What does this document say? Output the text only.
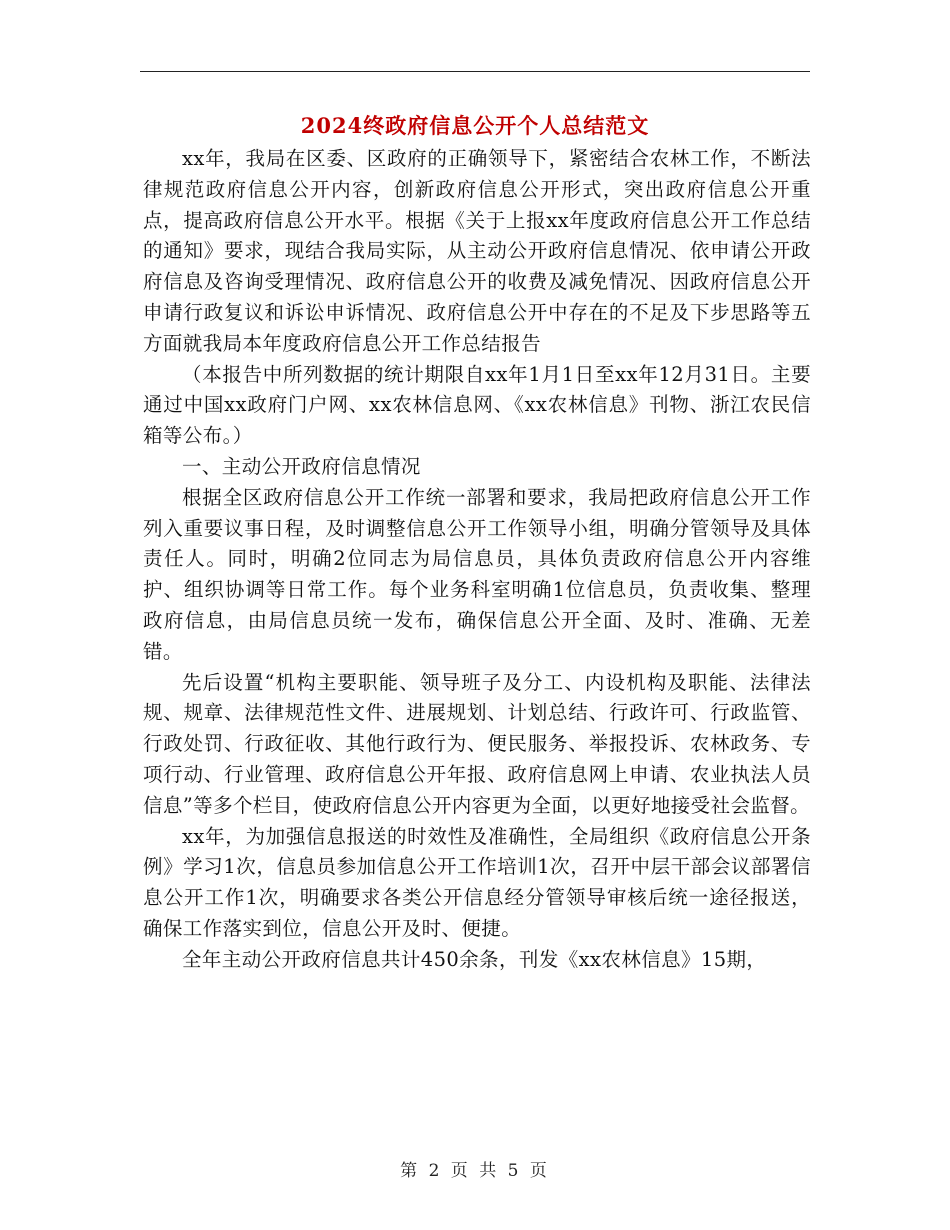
2024终政府信息公开个人总结范文

xx年，我局在区委、区政府的正确领导下，紧密结合农林工作，不断法律规范政府信息公开内容，创新政府信息公开形式，突出政府信息公开重点，提高政府信息公开水平。根据《关于上报xx年度政府信息公开工作总结的通知》要求，现结合我局实际，从主动公开政府信息情况、依申请公开政府信息及咨询受理情况、政府信息公开的收费及减免情况、因政府信息公开申请行政复议和诉讼申诉情况、政府信息公开中存在的不足及下步思路等五方面就我局本年度政府信息公开工作总结报告

（本报告中所列数据的统计期限自xx年1月1日至xx年12月31日。主要通过中国xx政府门户网、xx农林信息网、《xx农林信息》刊物、浙江农民信箱等公布。）

一、主动公开政府信息情况

根据全区政府信息公开工作统一部署和要求，我局把政府信息公开工作列入重要议事日程，及时调整信息公开工作领导小组，明确分管领导及具体责任人。同时，明确2位同志为局信息员，具体负责政府信息公开内容维护、组织协调等日常工作。每个业务科室明确1位信息员，负责收集、整理政府信息，由局信息员统一发布，确保信息公开全面、及时、准确、无差错。

先后设置“机构主要职能、领导班子及分工、内设机构及职能、法律法规、规章、法律规范性文件、进展规划、计划总结、行政许可、行政监管、行政处罚、行政征收、其他行政行为、便民服务、举报投诉、农林政务、专项行动、行业管理、政府信息公开年报、政府信息网上申请、农业执法人员信息”等多个栏目，使政府信息公开内容更为全面，以更好地接受社会监督。

xx年，为加强信息报送的时效性及准确性，全局组织《政府信息公开条例》学习1次，信息员参加信息公开工作培训1次，召开中层干部会议部署信息公开工作1次，明确要求各类公开信息经分管领导审核后统一途径报送，确保工作落实到位，信息公开及时、便捷。

全年主动公开政府信息共计450余条，刊发《xx农林信息》15期，

第 2 页 共 5 页
